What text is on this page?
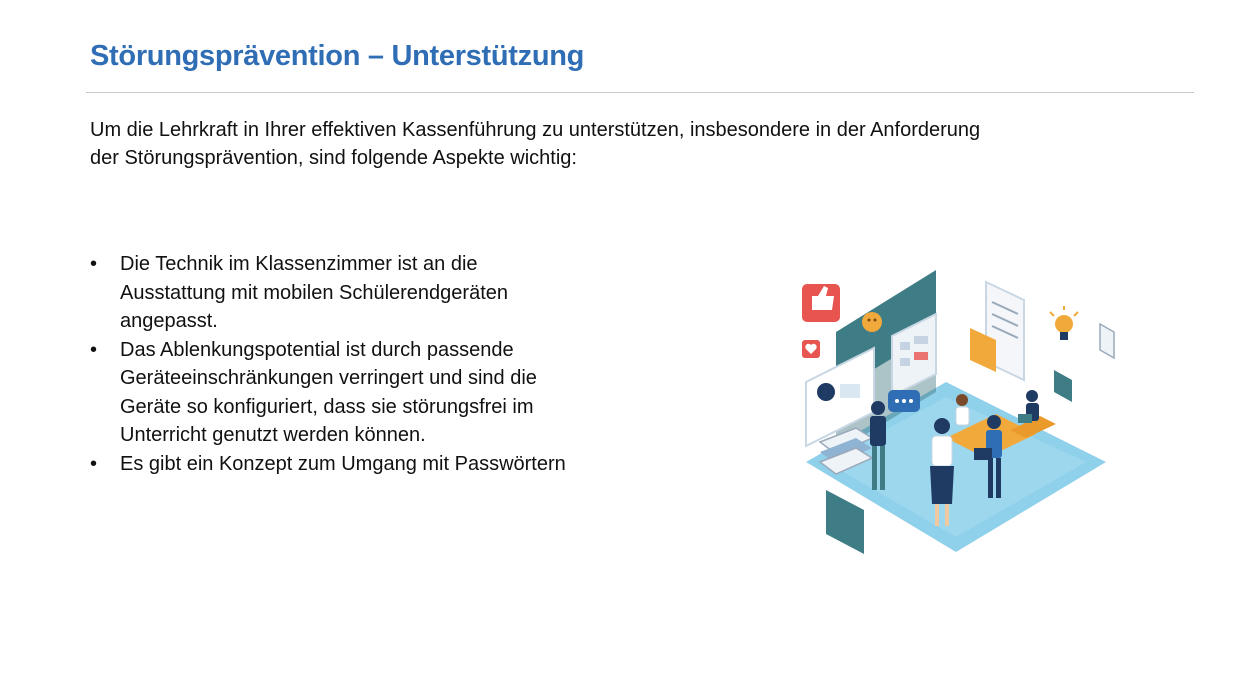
Störungsprävention – Unterstützung
Um die Lehrkraft in Ihrer effektiven Kassenführung zu unterstützen, insbesondere in der Anforderung
der Störungsprävention, sind folgende Aspekte wichtig:
• Die Technik im Klassenzimmer ist an die
Ausstattung mit mobilen Schülerendgeräten
angepasst.
• Das Ablenkungspotential ist durch passende
Geräteeinschränkungen verringert und sind die
Geräte so konfiguriert, dass sie störungsfrei im
Unterricht genutzt werden können.
• Es gibt ein Konzept zum Umgang mit Passwörtern
